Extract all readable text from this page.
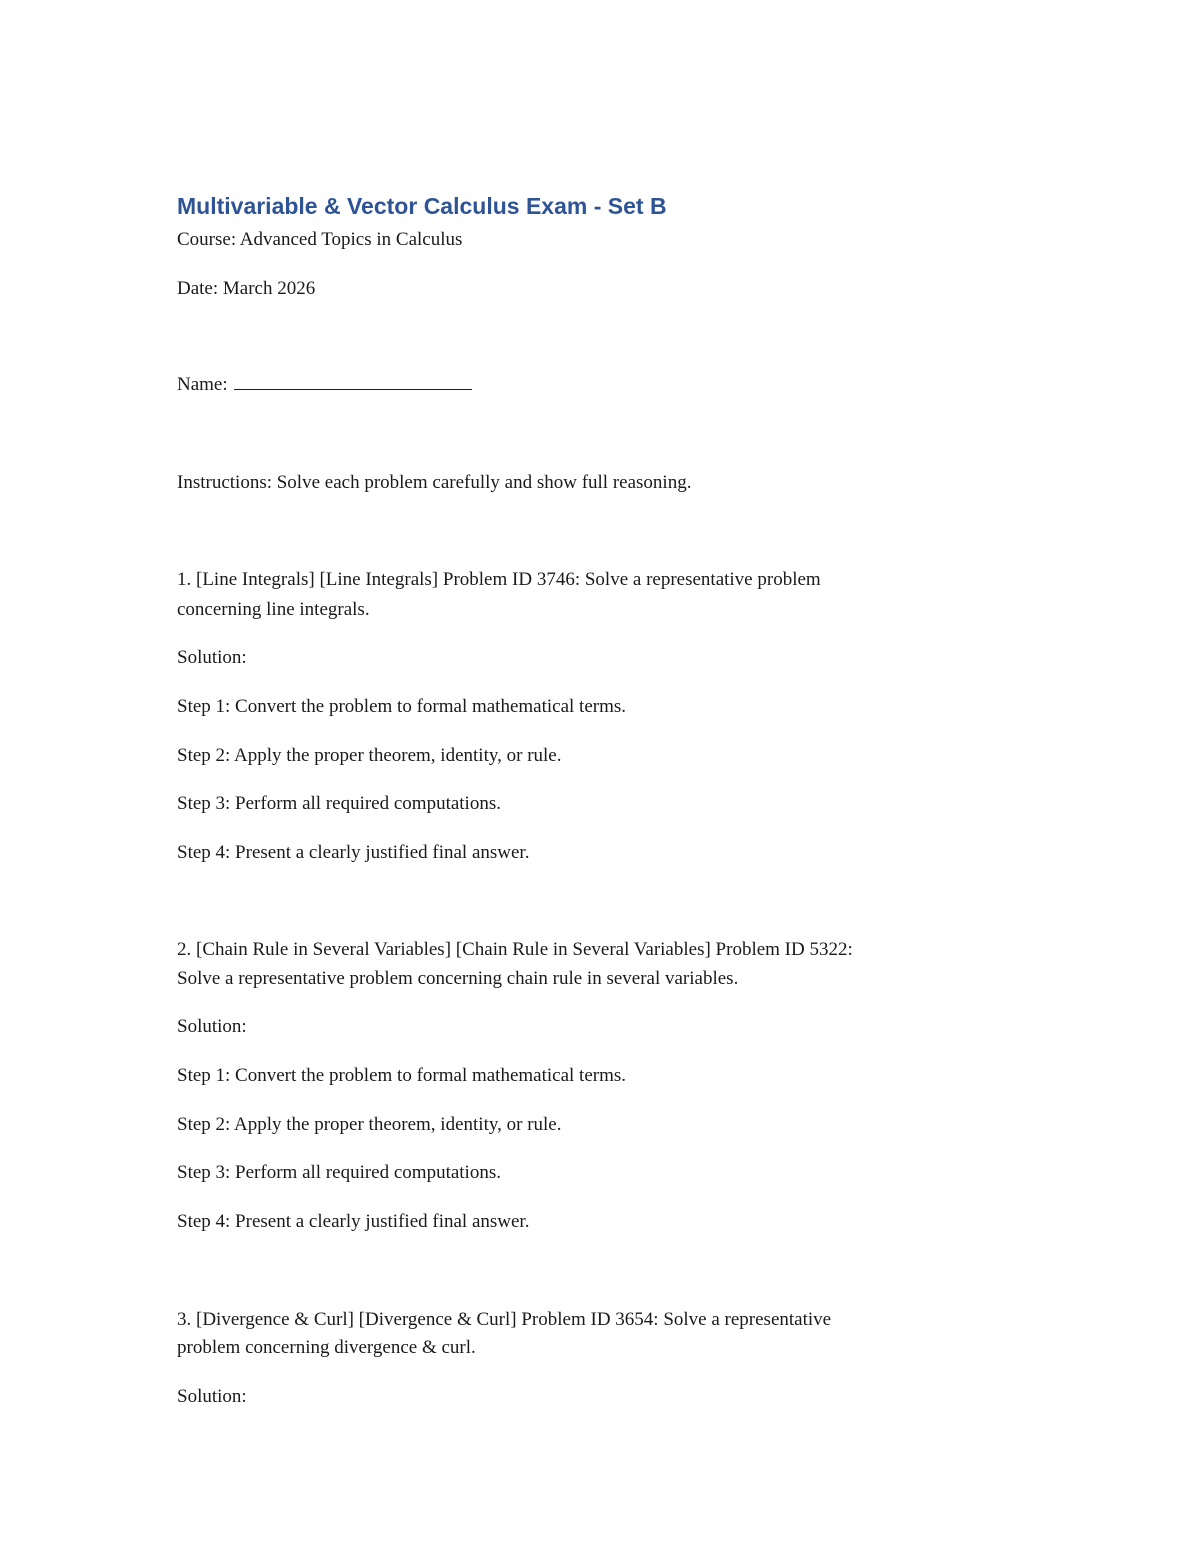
Multivariable & Vector Calculus Exam - Set B

Course: Advanced Topics in Calculus

Date: March 2026

Name:

Instructions: Solve each problem carefully and show full reasoning.

1. [Line Integrals] [Line Integrals] Problem ID 3746: Solve a representative problem

concerning line integrals.

Solution:

Step 1: Convert the problem to formal mathematical terms.

Step 2: Apply the proper theorem, identity, or rule.

Step 3: Perform all required computations.

Step 4: Present a clearly justified final answer.

2. [Chain Rule in Several Variables] [Chain Rule in Several Variables] Problem ID 5322:

Solve a representative problem concerning chain rule in several variables.

Solution:

Step 1: Convert the problem to formal mathematical terms.

Step 2: Apply the proper theorem, identity, or rule.

Step 3: Perform all required computations.

Step 4: Present a clearly justified final answer.

3. [Divergence & Curl] [Divergence & Curl] Problem ID 3654: Solve a representative

problem concerning divergence & curl.

Solution:
